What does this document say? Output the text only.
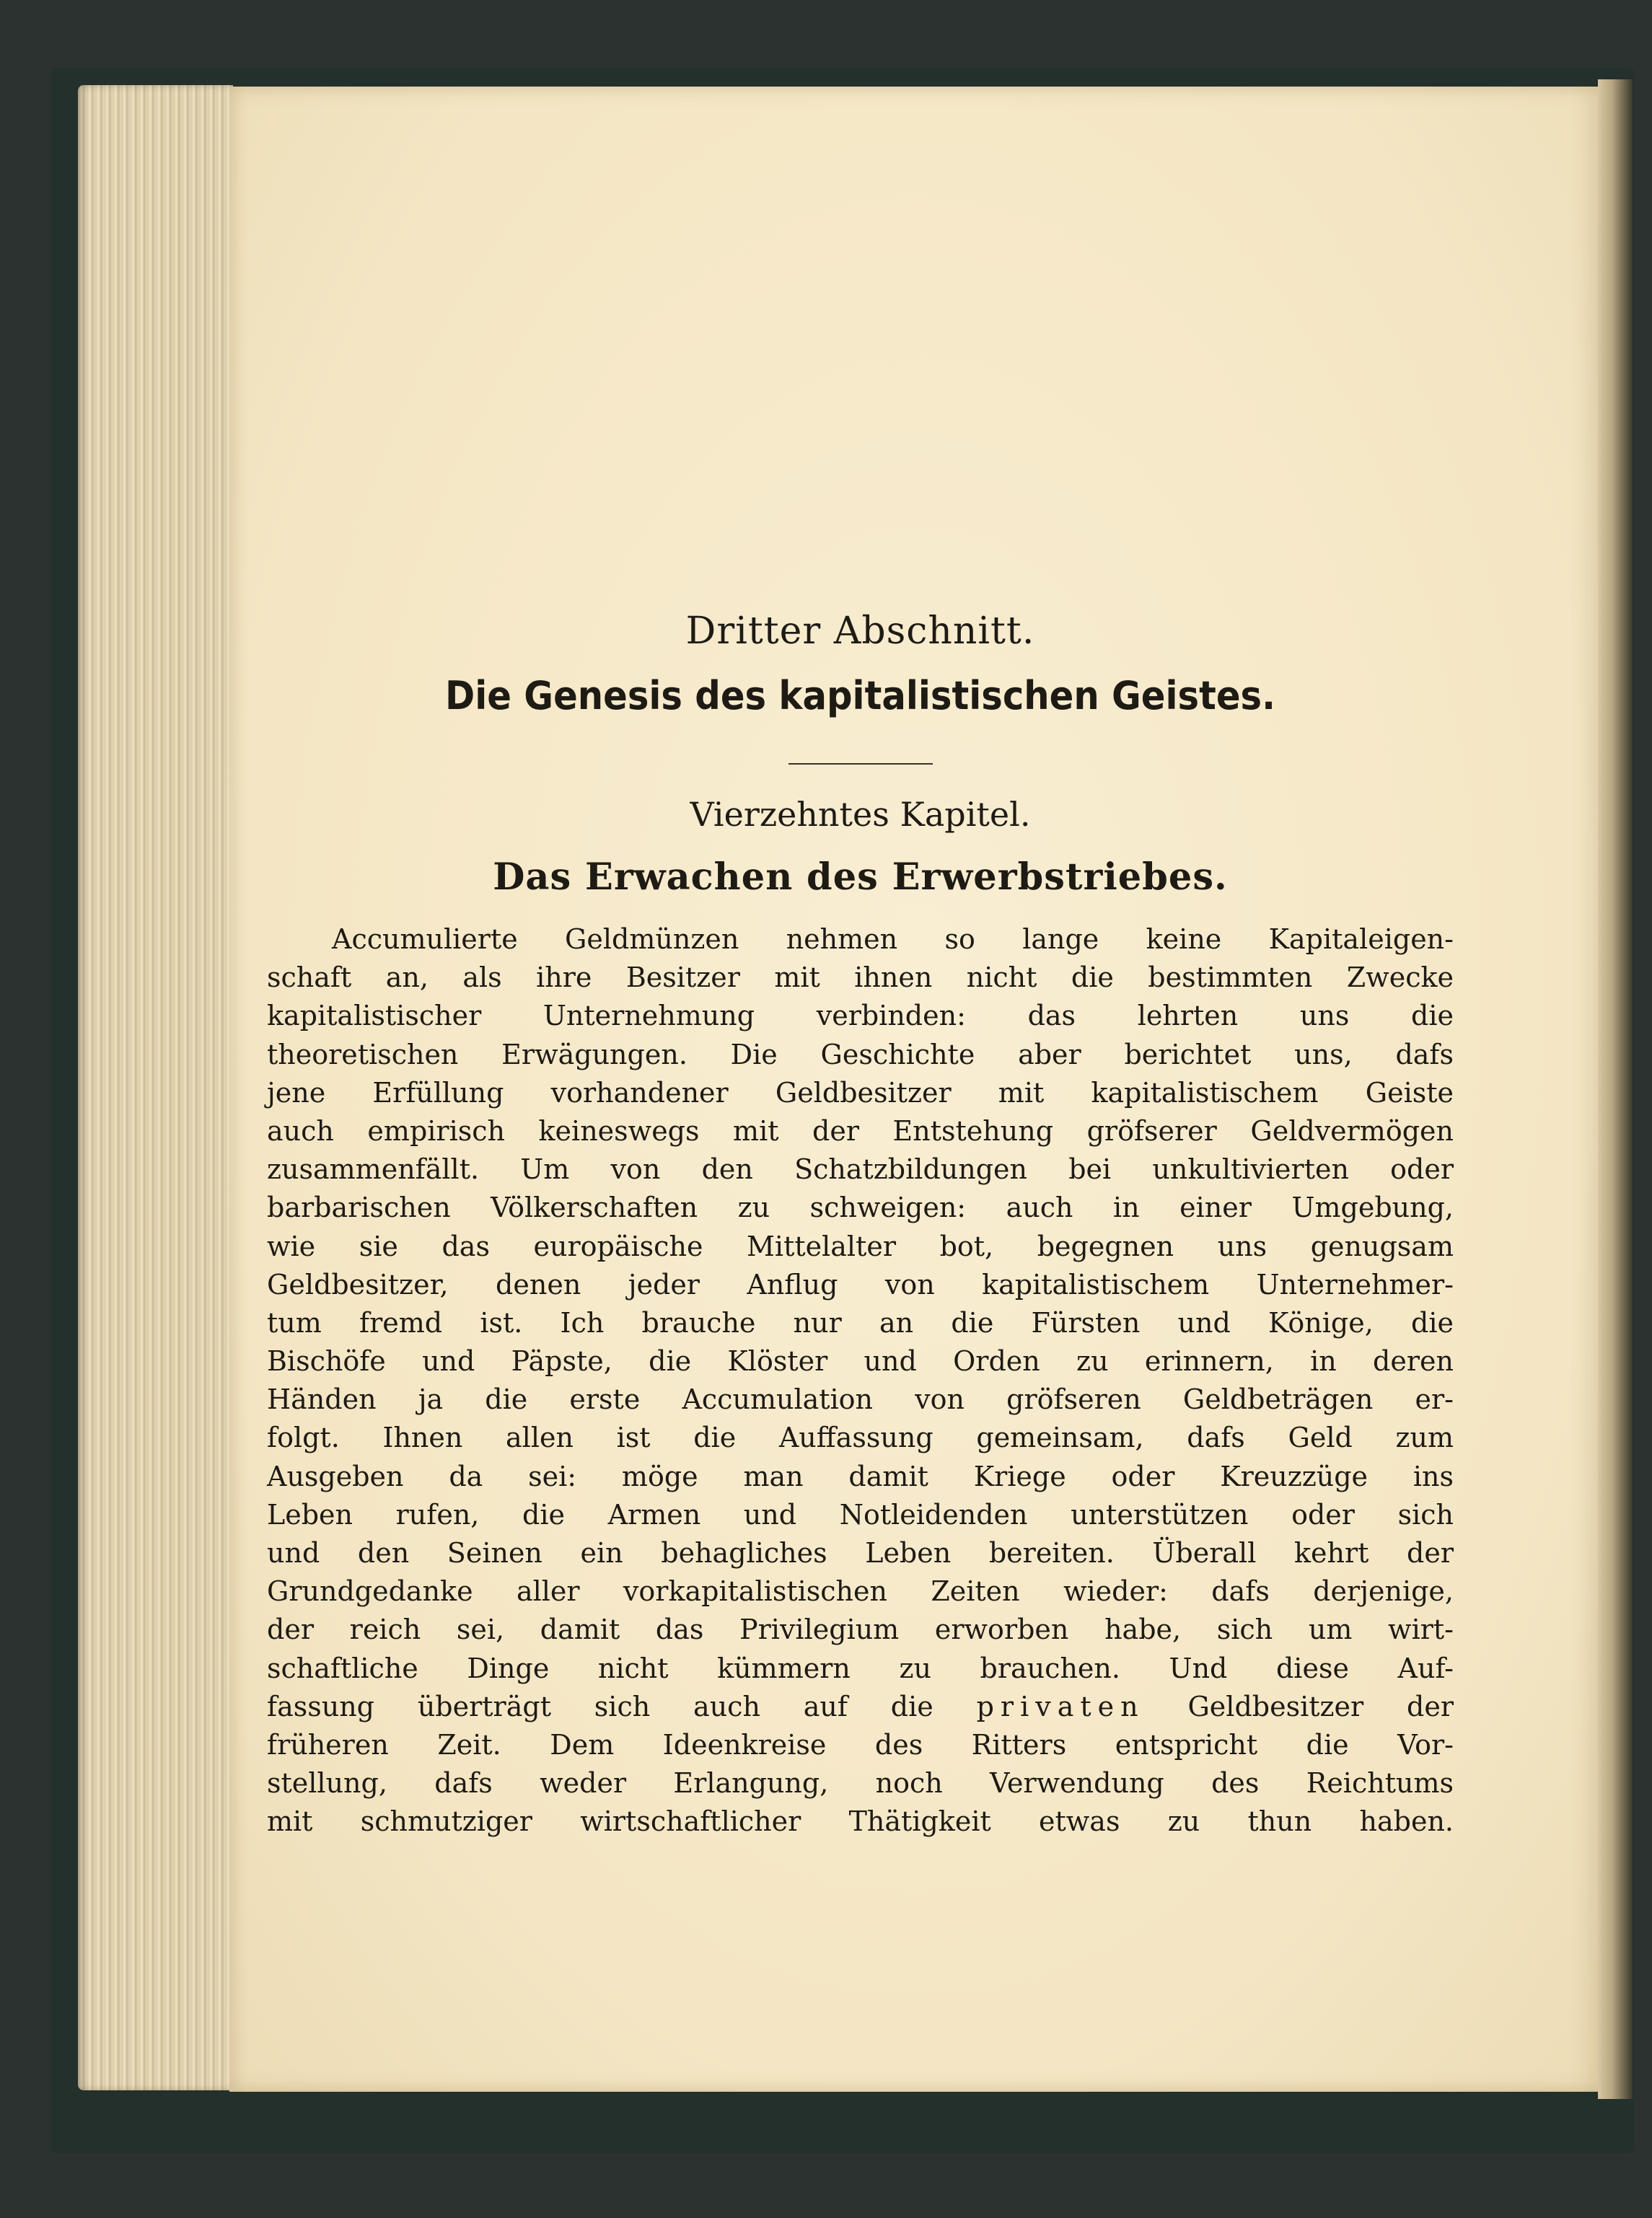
Dritter Abschnitt.
Die Genesis des kapitalistischen Geistes.
Vierzehntes Kapitel.
Das Erwachen des Erwerbstriebes.
Accumulierte Geldmünzen nehmen so lange keine Kapitaleigen-
schaft an, als ihre Besitzer mit ihnen nicht die bestimmten Zwecke
kapitalistischer Unternehmung verbinden: das lehrten uns die
theoretischen Erwägungen. Die Geschichte aber berichtet uns, dafs
jene Erfüllung vorhandener Geldbesitzer mit kapitalistischem Geiste
auch empirisch keineswegs mit der Entstehung gröfserer Geldvermögen
zusammenfällt. Um von den Schatzbildungen bei unkultivierten oder
barbarischen Völkerschaften zu schweigen: auch in einer Umgebung,
wie sie das europäische Mittelalter bot, begegnen uns genugsam
Geldbesitzer, denen jeder Anflug von kapitalistischem Unternehmer-
tum fremd ist. Ich brauche nur an die Fürsten und Könige, die
Bischöfe und Päpste, die Klöster und Orden zu erinnern, in deren
Händen ja die erste Accumulation von gröfseren Geldbeträgen er-
folgt. Ihnen allen ist die Auffassung gemeinsam, dafs Geld zum
Ausgeben da sei: möge man damit Kriege oder Kreuzzüge ins
Leben rufen, die Armen und Notleidenden unterstützen oder sich
und den Seinen ein behagliches Leben bereiten. Überall kehrt der
Grundgedanke aller vorkapitalistischen Zeiten wieder: dafs derjenige,
der reich sei, damit das Privilegium erworben habe, sich um wirt-
schaftliche Dinge nicht kümmern zu brauchen. Und diese Auf-
fassung überträgt sich auch auf die privaten Geldbesitzer der
früheren Zeit. Dem Ideenkreise des Ritters entspricht die Vor-
stellung, dafs weder Erlangung, noch Verwendung des Reichtums
mit schmutziger wirtschaftlicher Thätigkeit etwas zu thun haben.
